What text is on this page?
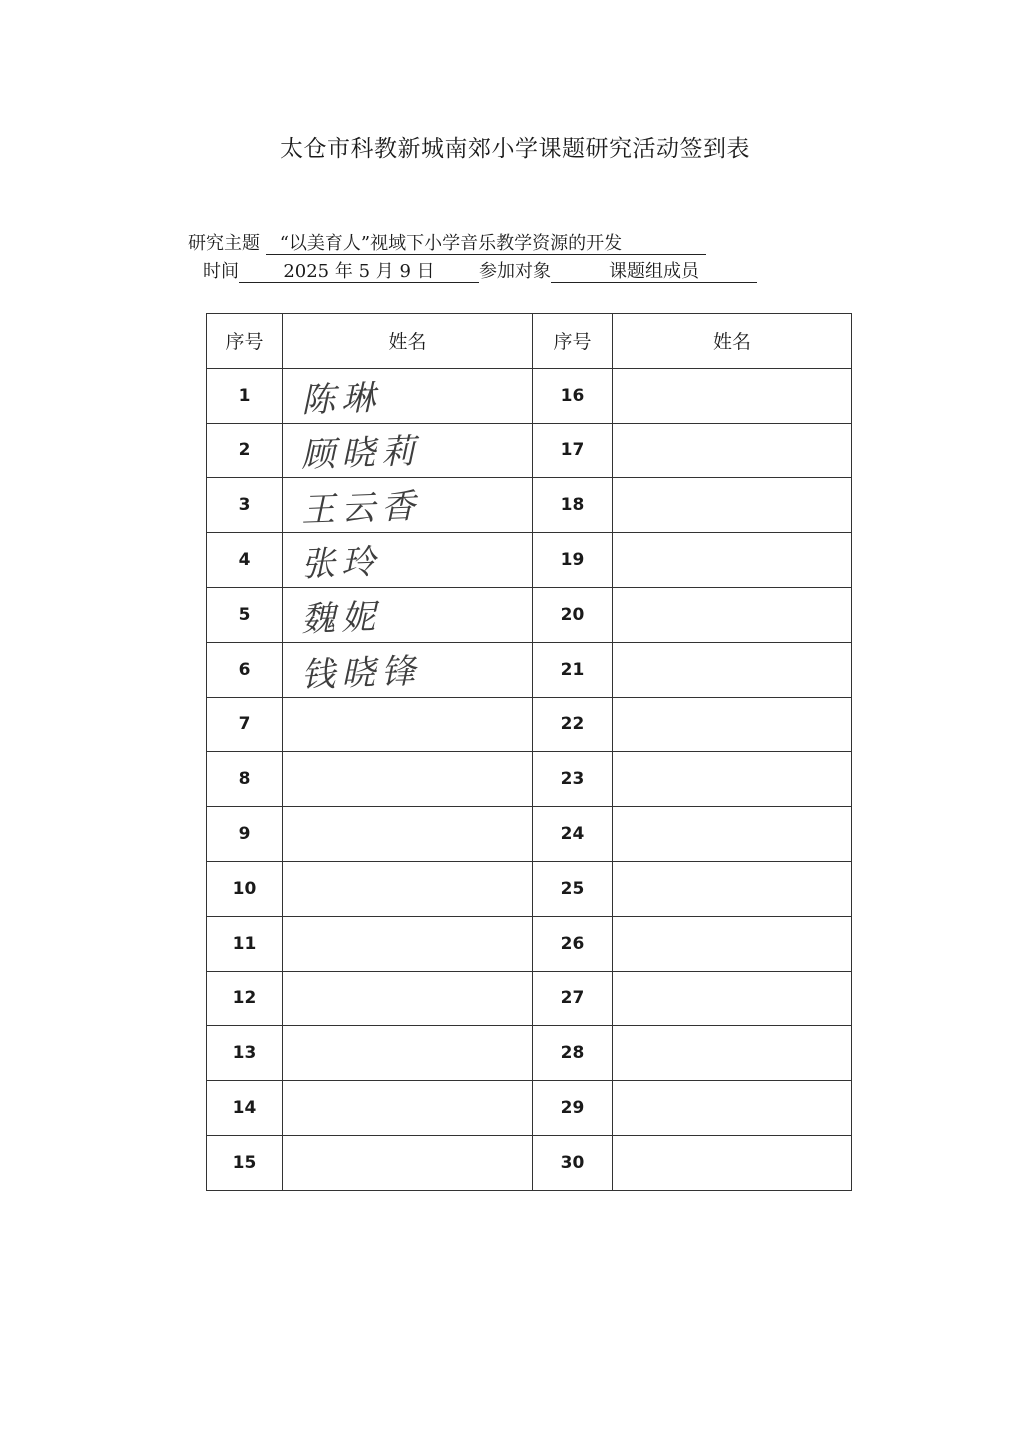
太仓市科教新城南郊小学课题研究活动签到表
研究主题 “以美育人”视域下小学音乐教学资源的开发
时间 2025 年 5 月 9 日 参加对象	课题组成员
序号	姓名	序号	姓名
1	陈琳	16	

2	顾晓莉	17	

3	王云香	18	

4	张玲	19	

5	魏妮	20	

6	钱晓锋	21	

7		22	

8		23	

9		24	

10		25	

11		26	

12		27	

13		28	

14		29	

15		30	
